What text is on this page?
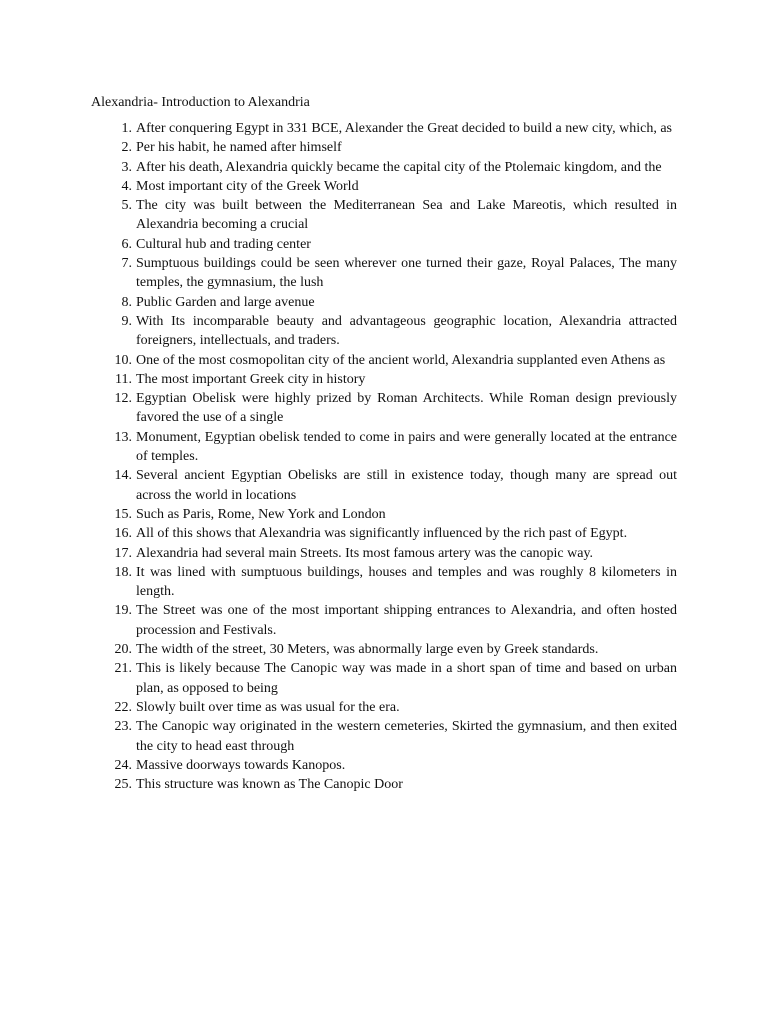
Alexandria- Introduction to Alexandria
1. After conquering Egypt in 331 BCE, Alexander the Great decided to build a new city, which, as
2. Per his habit, he named after himself
3. After his death, Alexandria quickly became the capital city of the Ptolemaic kingdom, and the
4. Most important city of the Greek World
5. The city was built between the Mediterranean Sea and Lake Mareotis, which resulted in Alexandria becoming a crucial
6. Cultural hub and trading center
7. Sumptuous buildings could be seen wherever one turned their gaze, Royal Palaces, The many temples, the gymnasium, the lush
8. Public Garden and large avenue
9. With Its incomparable beauty and advantageous geographic location, Alexandria attracted foreigners, intellectuals, and traders.
10. One of the most cosmopolitan city of the ancient world, Alexandria supplanted even Athens as
11. The most important Greek city in history
12. Egyptian Obelisk were highly prized by Roman Architects. While Roman design previously favored the use of a single
13. Monument, Egyptian obelisk tended to come in pairs and were generally located at the entrance of temples.
14. Several ancient Egyptian Obelisks are still in existence today, though many are spread out across the world in locations
15. Such as Paris, Rome, New York and London
16. All of this shows that Alexandria was significantly influenced by the rich past of Egypt.
17. Alexandria had several main Streets. Its most famous artery was the canopic way.
18. It was lined with sumptuous buildings, houses and temples and was roughly 8 kilometers in length.
19. The Street was one of the most important shipping entrances to Alexandria, and often hosted procession and Festivals.
20. The width of the street, 30 Meters, was abnormally large even by Greek standards.
21. This is likely because The Canopic way was made in a short span of time and based on urban plan, as opposed to being
22. Slowly built over time as was usual for the era.
23. The Canopic way originated in the western cemeteries, Skirted the gymnasium, and then exited the city to head east through
24. Massive doorways towards Kanopos.
25. This structure was known as The Canopic Door
